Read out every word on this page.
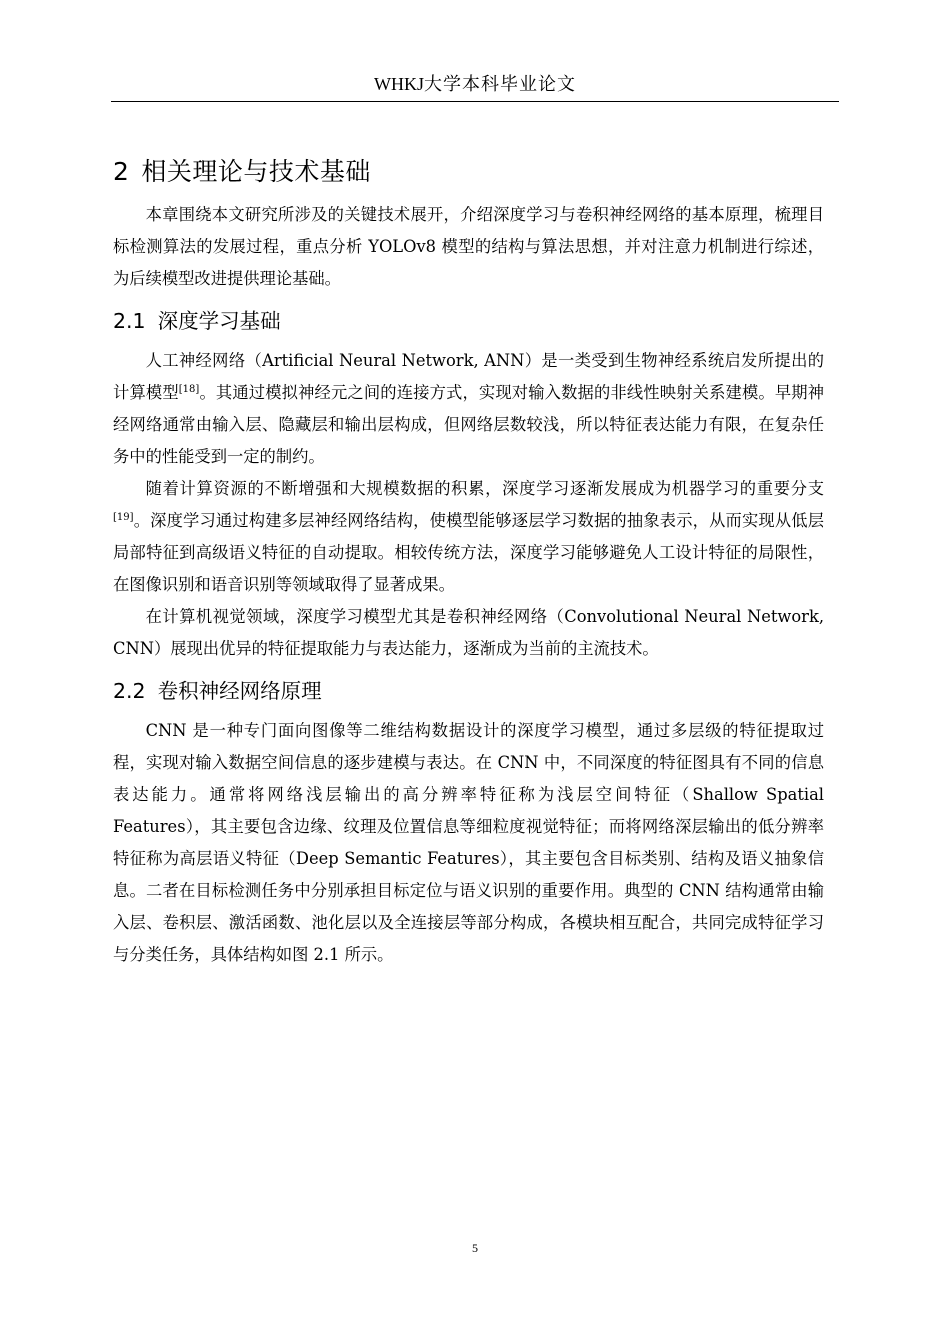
WHKJ大学本科毕业论文
2 相关理论与技术基础

本章围绕本文研究所涉及的关键技术展开，介绍深度学习与卷积神经网络的基本原理，梳理目标检测算法的发展过程，重点分析 YOLOv8 模型的结构与算法思想，并对注意力机制进行综述，为后续模型改进提供理论基础。

2.1 深度学习基础

人工神经网络（Artificial Neural Network, ANN）是一类受到生物神经系统启发所提出的计算模型[18]。其通过模拟神经元之间的连接方式，实现对输入数据的非线性映射关系建模。早期神经网络通常由输入层、隐藏层和输出层构成，但网络层数较浅，所以特征表达能力有限，在复杂任务中的性能受到一定的制约。

随着计算资源的不断增强和大规模数据的积累，深度学习逐渐发展成为机器学习的重要分支[19]。深度学习通过构建多层神经网络结构，使模型能够逐层学习数据的抽象表示，从而实现从低层局部特征到高级语义特征的自动提取。相较传统方法，深度学习能够避免人工设计特征的局限性，在图像识别和语音识别等领域取得了显著成果。

在计算机视觉领域，深度学习模型尤其是卷积神经网络（Convolutional Neural Network, CNN）展现出优异的特征提取能力与表达能力，逐渐成为当前的主流技术。

2.2 卷积神经网络原理

CNN 是一种专门面向图像等二维结构数据设计的深度学习模型，通过多层级的特征提取过程，实现对输入数据空间信息的逐步建模与表达。在 CNN 中，不同深度的特征图具有不同的信息表达能力。通常将网络浅层输出的高分辨率特征称为浅层空间特征（Shallow Spatial Features），其主要包含边缘、纹理及位置信息等细粒度视觉特征；而将网络深层输出的低分辨率特征称为高层语义特征（Deep Semantic Features），其主要包含目标类别、结构及语义抽象信息。二者在目标检测任务中分别承担目标定位与语义识别的重要作用。典型的 CNN 结构通常由输入层、卷积层、激活函数、池化层以及全连接层等部分构成，各模块相互配合，共同完成特征学习与分类任务，具体结构如图 2.1 所示。

5
